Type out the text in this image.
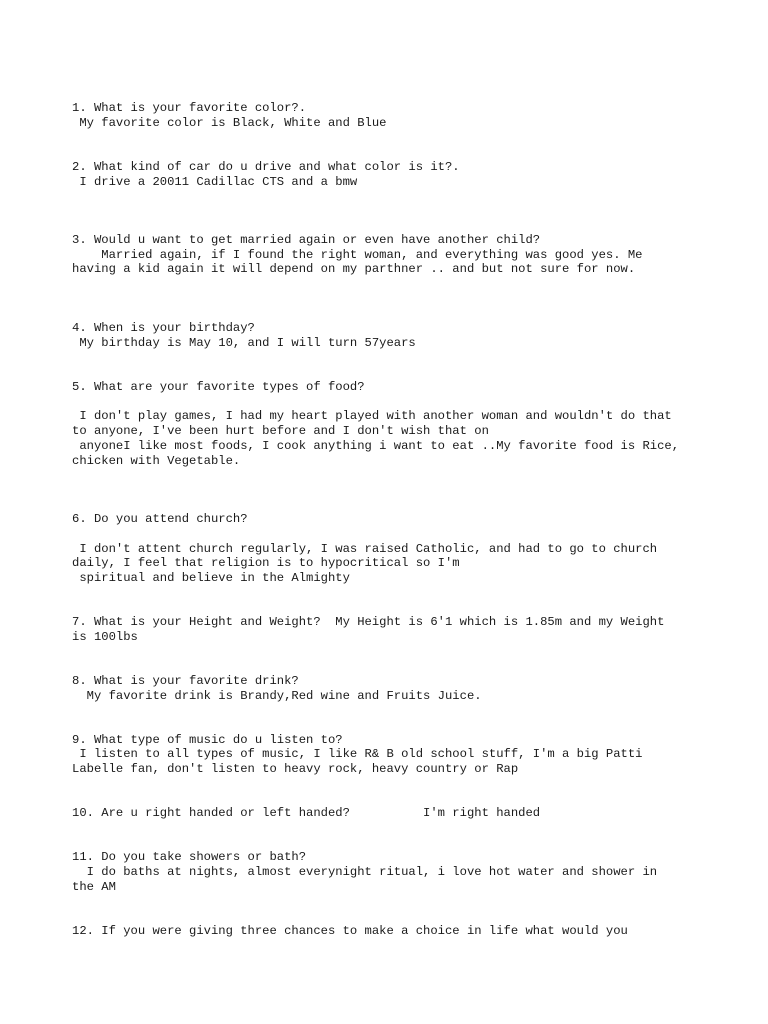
1. What is your favorite color?.

My favorite color is Black, White and Blue

2. What kind of car do u drive and what color is it?.

I drive a 20011 Cadillac CTS and a bmw

3. Would u want to get married again or even have another child?

Married again, if I found the right woman, and everything was good yes. Me

having a kid again it will depend on my parthner .. and but not sure for now.

4. When is your birthday?

My birthday is May 10, and I will turn 57years

5. What are your favorite types of food?

I don't play games, I had my heart played with another woman and wouldn't do that

to anyone, I've been hurt before and I don't wish that on

anyoneI like most foods, I cook anything i want to eat ..My favorite food is Rice,

chicken with Vegetable.

6. Do you attend church?

I don't attent church regularly, I was raised Catholic, and had to go to church

daily, I feel that religion is to hypocritical so I'm

spiritual and believe in the Almighty

7. What is your Height and Weight?  My Height is 6'1 which is 1.85m and my Weight

is 100lbs

8. What is your favorite drink?

My favorite drink is Brandy,Red wine and Fruits Juice.

9. What type of music do u listen to?

I listen to all types of music, I like R& B old school stuff, I'm a big Patti

Labelle fan, don't listen to heavy rock, heavy country or Rap

10. Are u right handed or left handed?          I'm right handed

11. Do you take showers or bath?

I do baths at nights, almost everynight ritual, i love hot water and shower in

the AM

12. If you were giving three chances to make a choice in life what would you
